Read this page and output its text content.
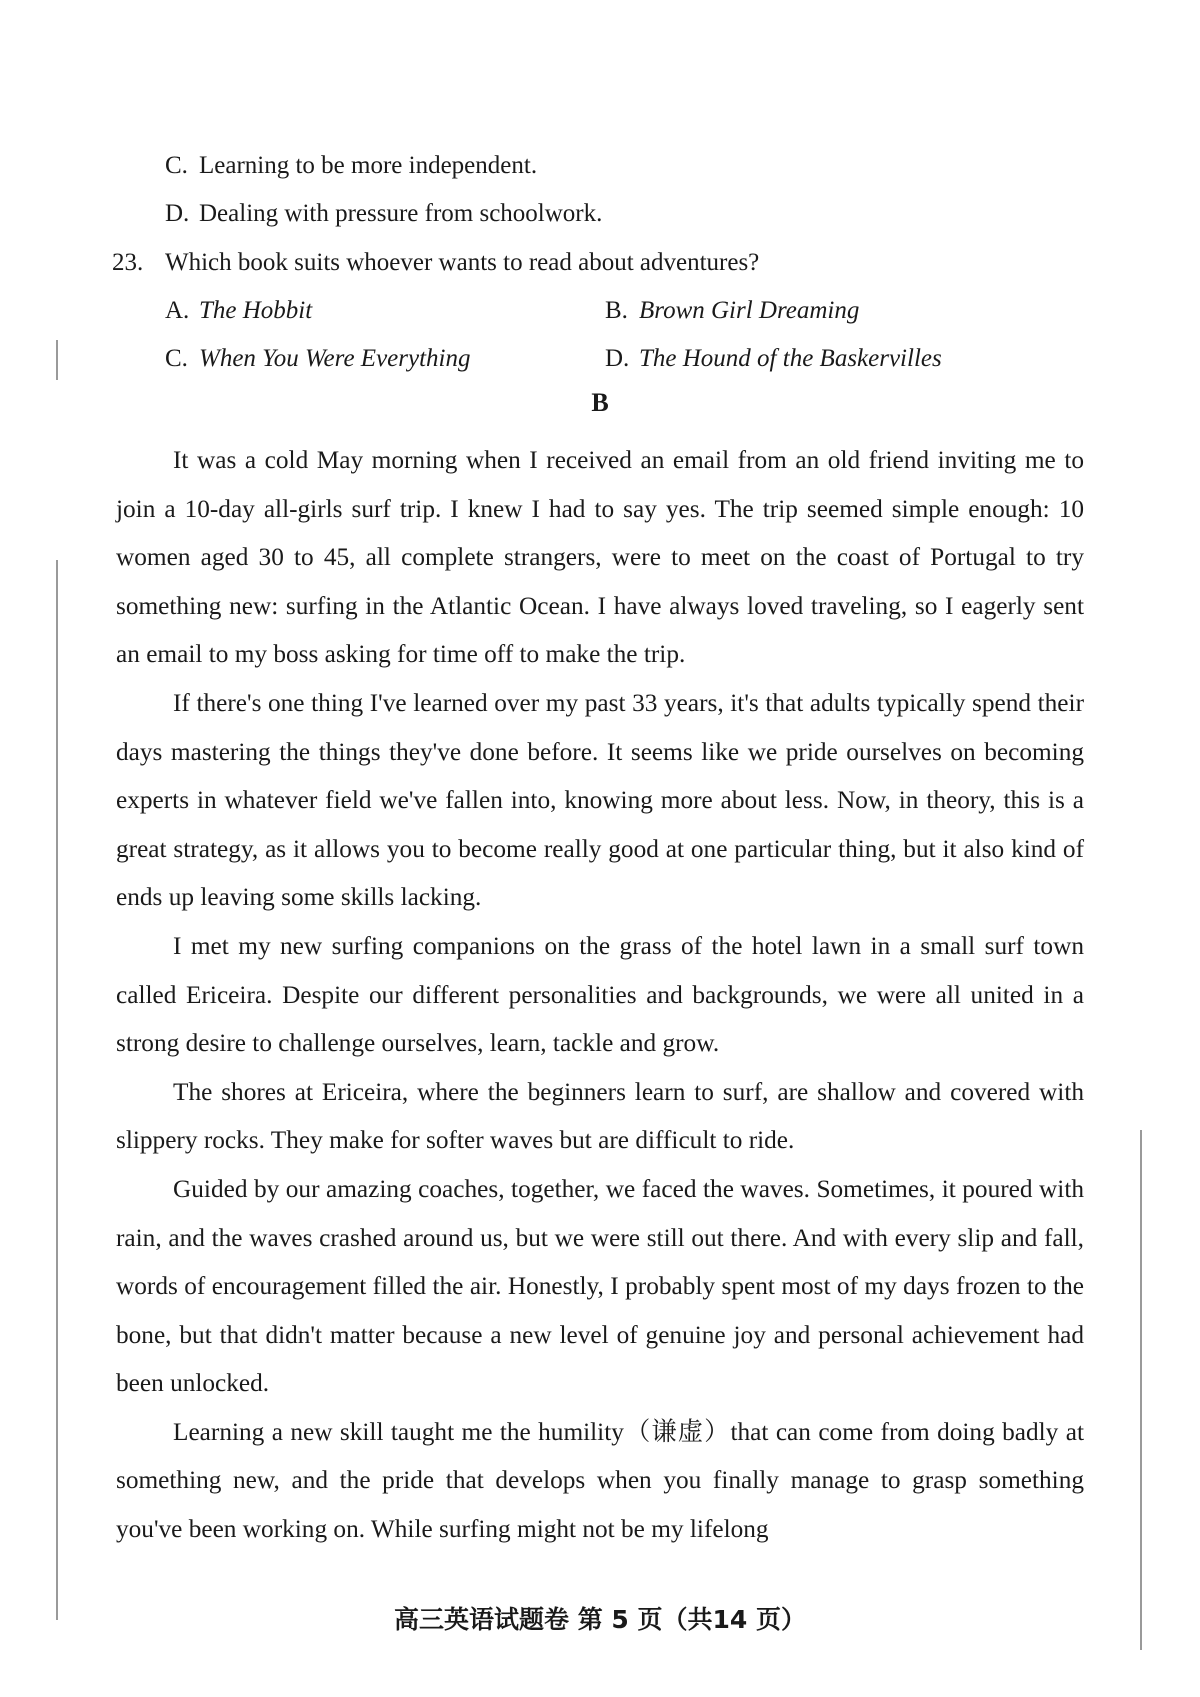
C. Learning to be more independent.
D. Dealing with pressure from schoolwork.
23. Which book suits whoever wants to read about adventures?
A. The Hobbit	B. Brown Girl Dreaming
C. When You Were Everything	D. The Hound of the Baskervilles
B

It was a cold May morning when I received an email from an old friend inviting me to join a 10-day all-girls surf trip. I knew I had to say yes. The trip seemed simple enough: 10 women aged 30 to 45, all complete strangers, were to meet on the coast of Portugal to try something new: surfing in the Atlantic Ocean. I have always loved traveling, so I eagerly sent an email to my boss asking for time off to make the trip.

If there's one thing I've learned over my past 33 years, it's that adults typically spend their days mastering the things they've done before. It seems like we pride ourselves on becoming experts in whatever field we've fallen into, knowing more about less. Now, in theory, this is a great strategy, as it allows you to become really good at one particular thing, but it also kind of ends up leaving some skills lacking.

I met my new surfing companions on the grass of the hotel lawn in a small surf town called Ericeira. Despite our different personalities and backgrounds, we were all united in a strong desire to challenge ourselves, learn, tackle and grow.

The shores at Ericeira, where the beginners learn to surf, are shallow and covered with slippery rocks. They make for softer waves but are difficult to ride.

Guided by our amazing coaches, together, we faced the waves. Sometimes, it poured with rain, and the waves crashed around us, but we were still out there. And with every slip and fall, words of encouragement filled the air. Honestly, I probably spent most of my days frozen to the bone, but that didn't matter because a new level of genuine joy and personal achievement had been unlocked.

Learning a new skill taught me the humility（谦虚）that can come from doing badly at something new, and the pride that develops when you finally manage to grasp something you've been working on. While surfing might not be my lifelong

高三英语试题卷 第 5 页（共14 页）
